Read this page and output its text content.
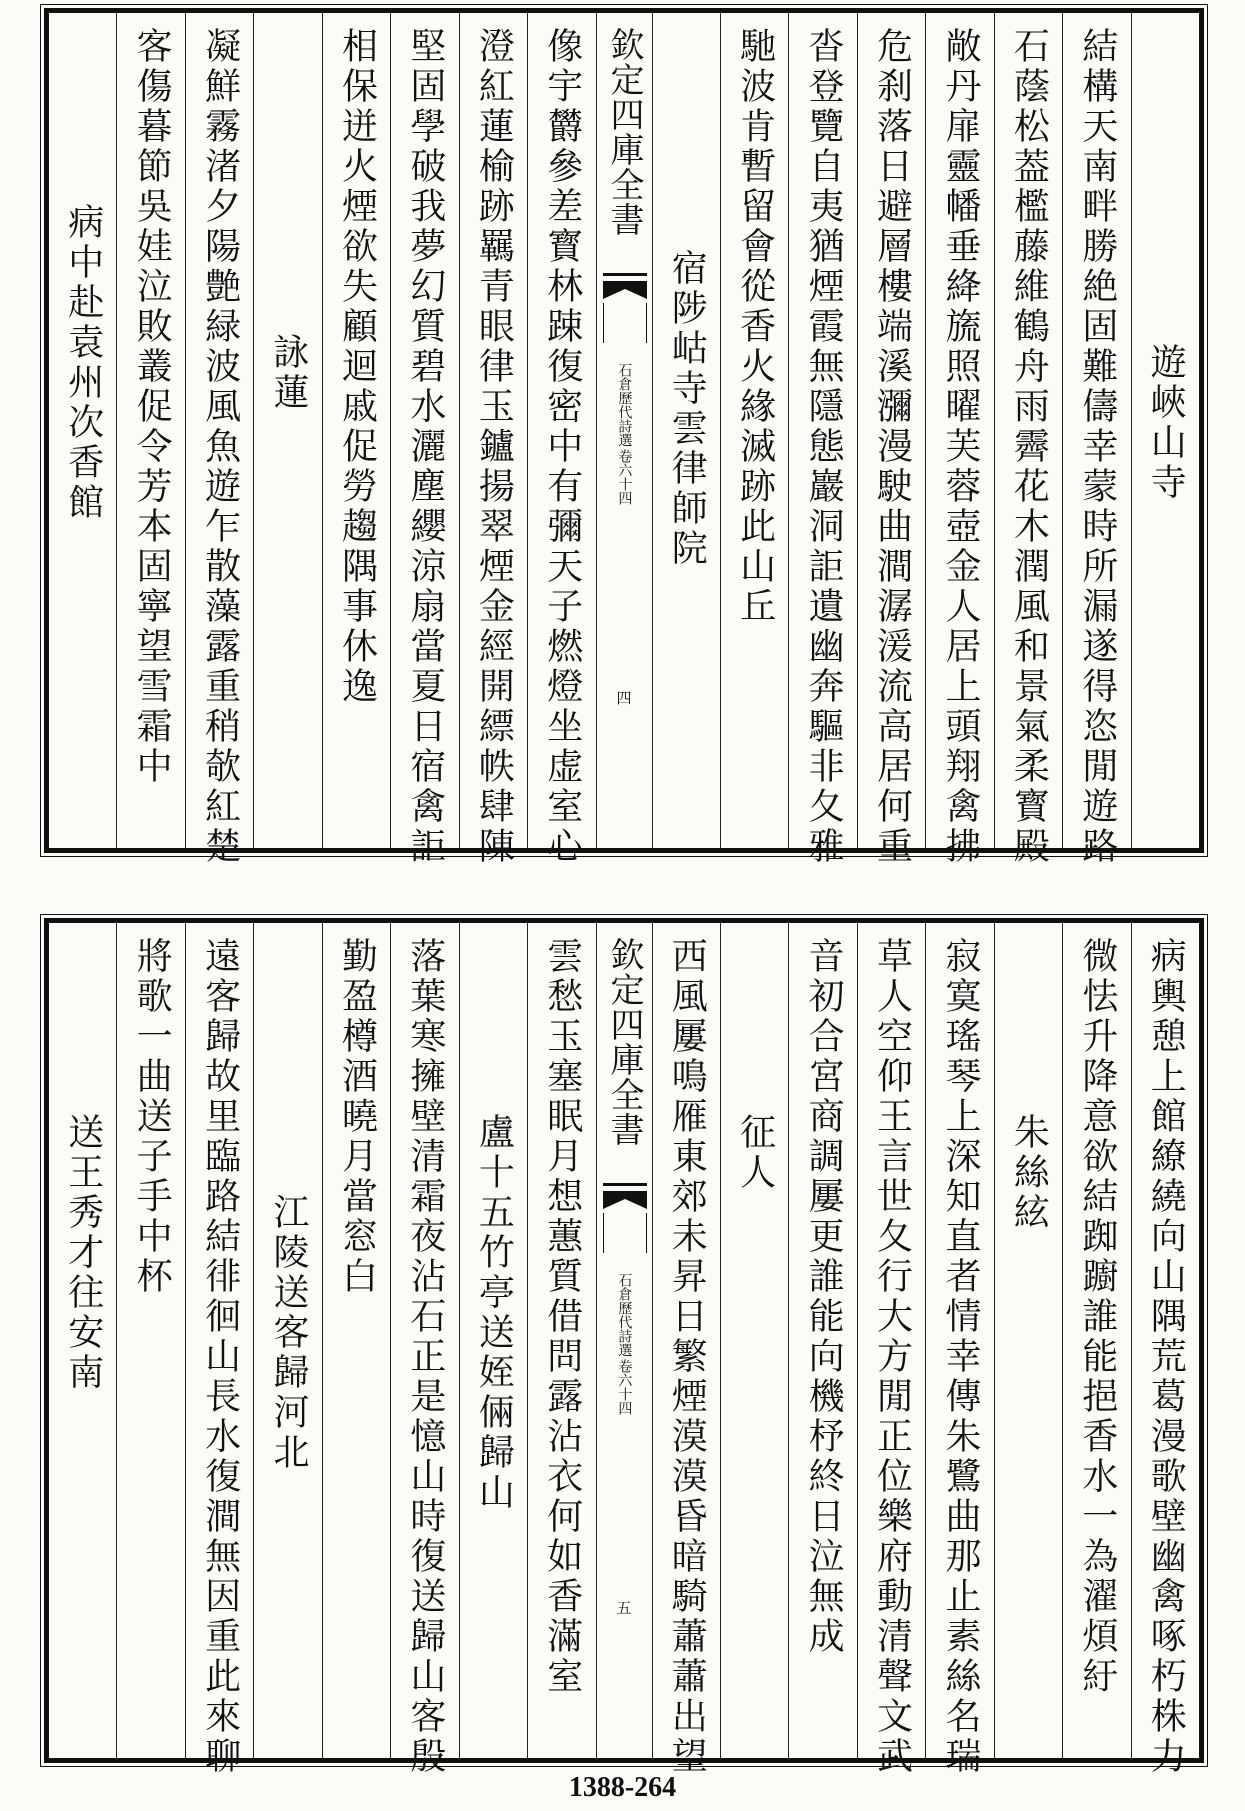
遊峽山寺
結構天南畔勝絶固難儔幸蒙時所漏遂得恣閒遊路
石蔭松葢檻藤維鶴舟雨霽花木潤風和景氣柔寳殿
敞丹扉靈幡垂絳旒照曜芙蓉壺金人居上頭翔禽拂
危刹落日避層樓端溪瀰漫駛曲澗潺湲流高居何重
沓登覽自夷猶煙霞無隱態巖洞詎遺幽奔驅非夂雅
馳波肯暫留會從香火緣滅跡此山丘
宿陟岵寺雲律師院
欽定四庫全書
石倉歷代詩選
卷六十四
四
像宇欝參差寳林踈復密中有彌天子燃燈坐虚室心
澄紅蓮榆跡羈青眼律玉鑪揚翠煙金經開縹帙肆陳
堅固學破我夢幻質碧水灑塵纓涼扇當夏日宿禽詎
相保迸火煙欲失顧迴戚促勞趨隅事休逸
詠蓮
凝鮮霧渚夕陽艶緑波風魚遊乍散藻露重稍欹紅楚
客傷暮節吳娃泣敗叢促令芳本固寧望雪霜中
病中赴袁州次香館
病輿憩上館繚繞向山隅荒葛漫歌壁幽禽啄朽株力
微怯升降意欲結踟躕誰能挹香水一為濯煩紆
朱絲絃
寂寞瑤琴上深知直者情幸傳朱鷺曲那止素絲名瑞
草人空仰王言世夂行大方閒正位樂府動清聲文武
音初合宮商調屢更誰能向機杼終日泣無成
征人
西風屢鳴雁東郊未昇日繁煙漠漠昏暗騎蕭蕭出望
欽定四庫全書
石倉歷代詩選
卷六十四
五
雲愁玉塞眠月想蕙質借問露沾衣何如香滿室
盧十五竹亭送姪倆歸山
落葉寒擁壁清霜夜沾石正是憶山時復送歸山客殷
勤盈樽酒曉月當窓白
江陵送客歸河北
遠客歸故里臨路結徘徊山長水復澗無因重此來聊
將歌一曲送子手中杯
送王秀才往安南
1388-264
